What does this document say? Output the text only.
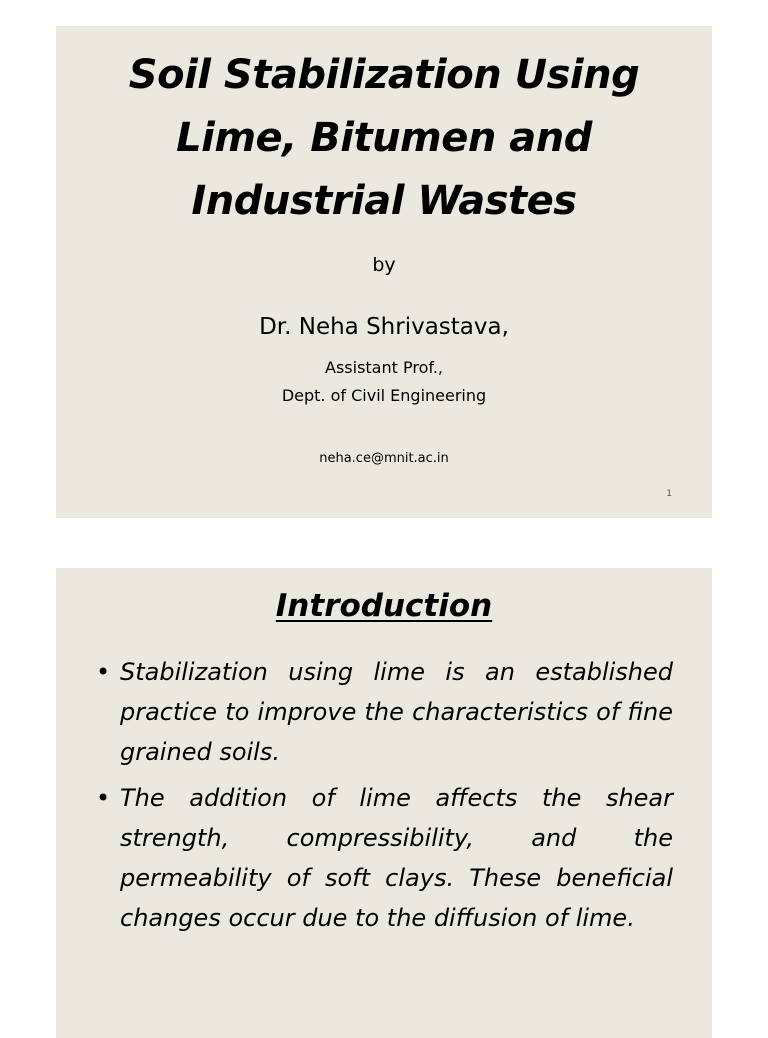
Soil Stabilization Using
Lime, Bitumen and
Industrial Wastes
by
Dr. Neha Shrivastava,
Assistant Prof.,
Dept. of Civil Engineering
neha.ce@mnit.ac.in
1
Introduction
• Stabilization using lime is an established practice to improve the characteristics of fine grained soils.
• The addition of lime affects the shear strength, compressibility, and the permeability of soft clays. These beneficial changes occur due to the diffusion of lime.
